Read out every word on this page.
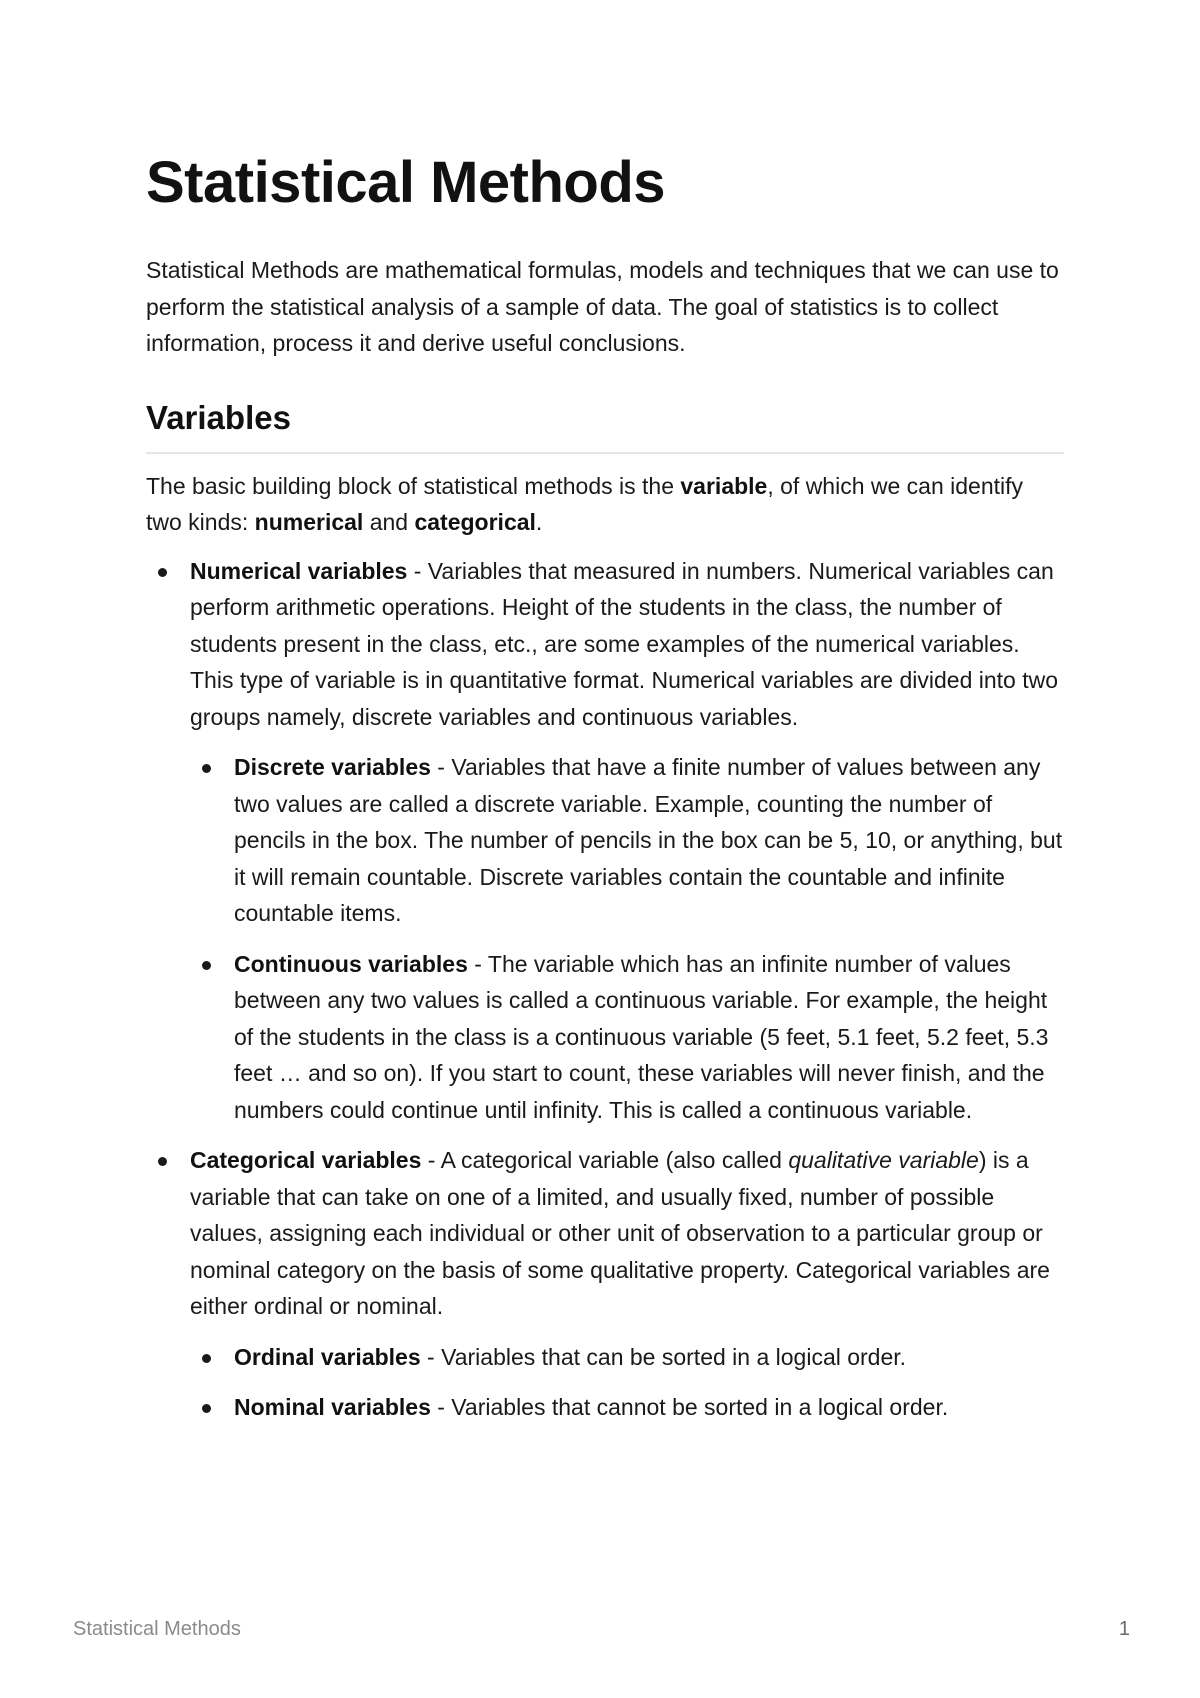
Statistical Methods

Statistical Methods are mathematical formulas, models and techniques that we can use to perform the statistical analysis of a sample of data. The goal of statistics is to collect information, process it and derive useful conclusions.

Variables

The basic building block of statistical methods is the variable, of which we can identify two kinds: numerical and categorical.

Numerical variables - Variables that measured in numbers. Numerical variables can perform arithmetic operations. Height of the students in the class, the number of students present in the class, etc., are some examples of the numerical variables. This type of variable is in quantitative format. Numerical variables are divided into two groups namely, discrete variables and continuous variables.
Discrete variables - Variables that have a finite number of values between any two values are called a discrete variable. Example, counting the number of pencils in the box. The number of pencils in the box can be 5, 10, or anything, but it will remain countable. Discrete variables contain the countable and infinite countable items.
Continuous variables - The variable which has an infinite number of values between any two values is called a continuous variable. For example, the height of the students in the class is a continuous variable (5 feet, 5.1 feet, 5.2 feet, 5.3 feet … and so on). If you start to count, these variables will never finish, and the numbers could continue until infinity. This is called a continuous variable.
Categorical variables - A categorical variable (also called qualitative variable) is a variable that can take on one of a limited, and usually fixed, number of possible values, assigning each individual or other unit of observation to a particular group or nominal category on the basis of some qualitative property. Categorical variables are either ordinal or nominal.
Ordinal variables - Variables that can be sorted in a logical order.
Nominal variables - Variables that cannot be sorted in a logical order.
Statistical Methods	1
